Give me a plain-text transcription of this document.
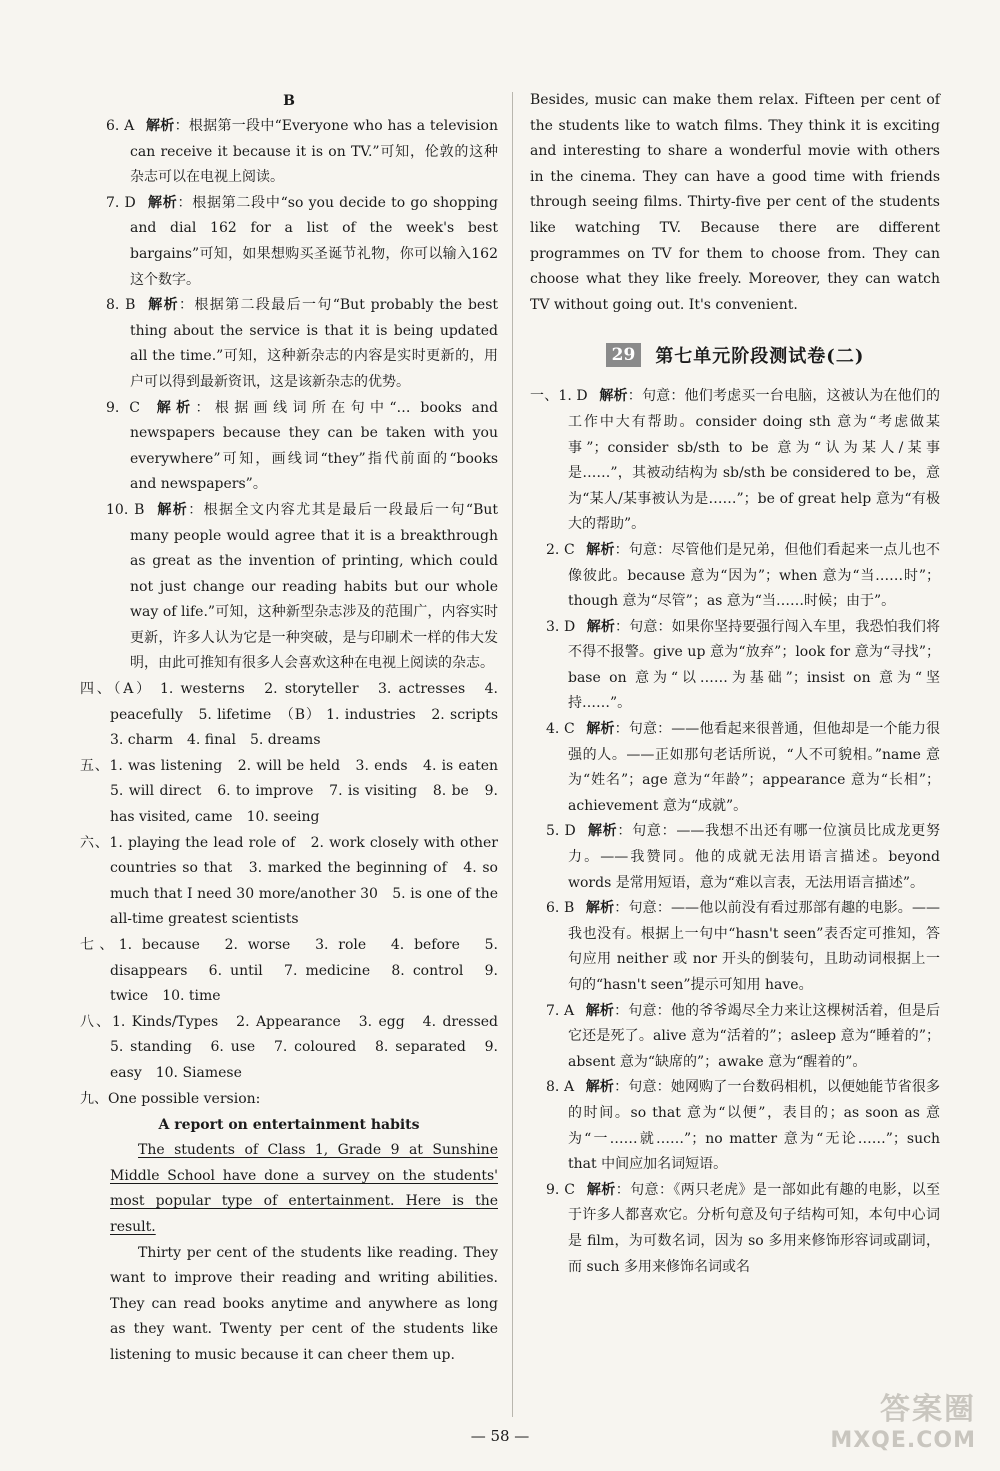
B

6. A  解析：根据第一段中“Everyone who has a television can receive it because it is on TV.”可知，伦敦的这种杂志可以在电视上阅读。

7. D  解析：根据第二段中“so you decide to go shopping and dial 162 for a list of the week's best bargains”可知，如果想购买圣诞节礼物，你可以输入162这个数字。

8. B  解析：根据第二段最后一句“But probably the best thing about the service is that it is being updated all the time.”可知，这种新杂志的内容是实时更新的，用户可以得到最新资讯，这是该新杂志的优势。

9. C  解析：根据画线词所在句中“… books and newspapers because they can be taken with you everywhere”可知，画线词“they”指代前面的“books and newspapers”。

10. B  解析：根据全文内容尤其是最后一段最后一句“But many people would agree that it is a breakthrough as great as the invention of printing, which could not just change our reading habits but our whole way of life.”可知，这种新型杂志涉及的范围广，内容实时更新，许多人认为它是一种突破，是与印刷术一样的伟大发明，由此可推知有很多人会喜欢这种在电视上阅读的杂志。

四、（A） 1. westerns　2. storyteller　3. actresses　4. peacefully　5. lifetime　（B） 1. industries　2. scripts　3. charm　4. final　5. dreams

五、1. was listening　2. will be held　3. ends　4. is eaten　5. will direct　6. to improve　7. is visiting　8. be　9. has visited, came　10. seeing

六、1. playing the lead role of　2. work closely with other countries so that　3. marked the beginning of　4. so much that I need 30 more/another 30　5. is one of the all-time greatest scientists

七、1. because　2. worse　3. role　4. before　5. disappears　6. until　7. medicine　8. control　9. twice　10. time

八、1. Kinds/Types　2. Appearance　3. egg　4. dressed　5. standing　6. use　7. coloured　8. separated　9. easy　10. Siamese

九、One possible version:

A report on entertainment habits

The students of Class 1, Grade 9 at Sunshine Middle School have done a survey on the students' most popular type of entertainment. Here is the result.

Thirty per cent of the students like reading. They want to improve their reading and writing abilities. They can read books anytime and anywhere as long as they want. Twenty per cent of the students like listening to music because it can cheer them up.

Besides, music can make them relax. Fifteen per cent of the students like to watch films. They think it is exciting and interesting to share a wonderful movie with others in the cinema. They can have a good time with friends through seeing films. Thirty-five per cent of the students like watching TV. Because there are different programmes on TV for them to choose from. They can choose what they like freely. Moreover, they can watch TV without going out. It's convenient.

29	第七单元阶段测试卷(二)

一、1. D  解析：句意：他们考虑买一台电脑，这被认为在他们的工作中大有帮助。consider doing sth 意为“考虑做某事”；consider sb/sth to be 意为“认为某人/某事是……”，其被动结构为 sb/sth be considered to be，意为“某人/某事被认为是……”；be of great help 意为“有极大的帮助”。

2. C  解析：句意：尽管他们是兄弟，但他们看起来一点儿也不像彼此。because 意为“因为”；when 意为“当……时”；though 意为“尽管”；as 意为“当……时候；由于”。

3. D  解析：句意：如果你坚持要强行闯入车里，我恐怕我们将不得不报警。give up 意为“放弃”；look for 意为“寻找”；base on 意为“以……为基础”；insist on 意为“坚持……”。

4. C  解析：句意：——他看起来很普通，但他却是一个能力很强的人。——正如那句老话所说，“人不可貌相。”name 意为“姓名”；age 意为“年龄”；appearance 意为“长相”；achievement 意为“成就”。

5. D  解析：句意：——我想不出还有哪一位演员比成龙更努力。——我赞同。他的成就无法用语言描述。beyond words 是常用短语，意为“难以言表，无法用语言描述”。

6. B  解析：句意：——他以前没有看过那部有趣的电影。——我也没有。根据上一句中“hasn't seen”表否定可推知，答句应用 neither 或 nor 开头的倒装句，且助动词根据上一句的“hasn't seen”提示可知用 have。

7. A  解析：句意：他的爷爷竭尽全力来让这棵树活着，但是后它还是死了。alive 意为“活着的”；asleep 意为“睡着的”；absent 意为“缺席的”；awake 意为“醒着的”。

8. A  解析：句意：她网购了一台数码相机，以便她能节省很多的时间。so that 意为“以便”，表目的；as soon as 意为“一……就……”；no matter 意为“无论……”；such that 中间应加名词短语。

9. C  解析：句意：《两只老虎》是一部如此有趣的电影，以至于许多人都喜欢它。分析句意及句子结构可知，本句中心词是 film，为可数名词，因为 so 多用来修饰形容词或副词，而 such 多用来修饰名词或名

— 58 —
答案圈
MXQE.COM
